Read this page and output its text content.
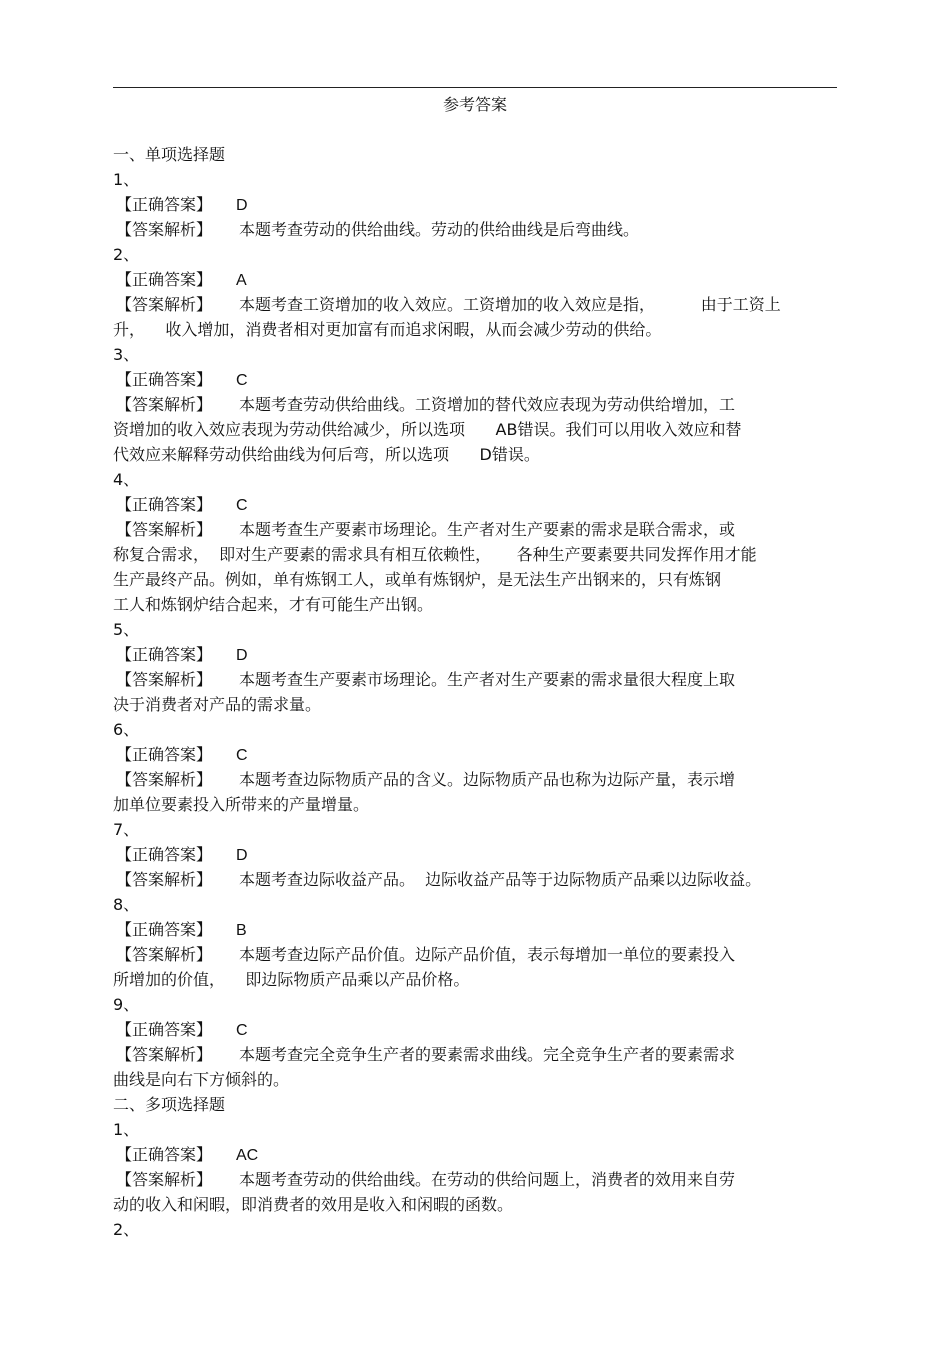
参考答案
一、单项选择题
1、
【正确答案】 D
【答案解析】 本题考查劳动的供给曲线。劳动的供给曲线是后弯曲线。
2、
【正确答案】 A
【答案解析】 本题考查工资增加的收入效应。工资增加的收入效应是指，         由于工资上
升，    收入增加，消费者相对更加富有而追求闲暇，从而会减少劳动的供给。
3、
【正确答案】 C
【答案解析】 本题考查劳动供给曲线。工资增加的替代效应表现为劳动供给增加，工
资增加的收入效应表现为劳动供给减少，所以选项      AB错误。我们可以用收入效应和替
代效应来解释劳动供给曲线为何后弯，所以选项      D错误。
4、
【正确答案】 C
【答案解析】 本题考查生产要素市场理论。生产者对生产要素的需求是联合需求，或
称复合需求，  即对生产要素的需求具有相互依赖性，     各种生产要素要共同发挥作用才能
生产最终产品。例如，单有炼钢工人，或单有炼钢炉，是无法生产出钢来的，只有炼钢
工人和炼钢炉结合起来，才有可能生产出钢。
5、
【正确答案】 D
【答案解析】 本题考查生产要素市场理论。生产者对生产要素的需求量很大程度上取
决于消费者对产品的需求量。
6、
【正确答案】 C
【答案解析】 本题考查边际物质产品的含义。边际物质产品也称为边际产量，表示增
加单位要素投入所带来的产量增量。
7、
【正确答案】 D
【答案解析】 本题考查边际收益产品。  边际收益产品等于边际物质产品乘以边际收益。
8、
【正确答案】 B
【答案解析】 本题考查边际产品价值。边际产品价值，表示每增加一单位的要素投入
所增加的价值，    即边际物质产品乘以产品价格。
9、
【正确答案】 C
【答案解析】 本题考查完全竞争生产者的要素需求曲线。完全竞争生产者的要素需求
曲线是向右下方倾斜的。
二、多项选择题
1、
【正确答案】 AC
【答案解析】 本题考查劳动的供给曲线。在劳动的供给问题上，消费者的效用来自劳
动的收入和闲暇，即消费者的效用是收入和闲暇的函数。
2、
